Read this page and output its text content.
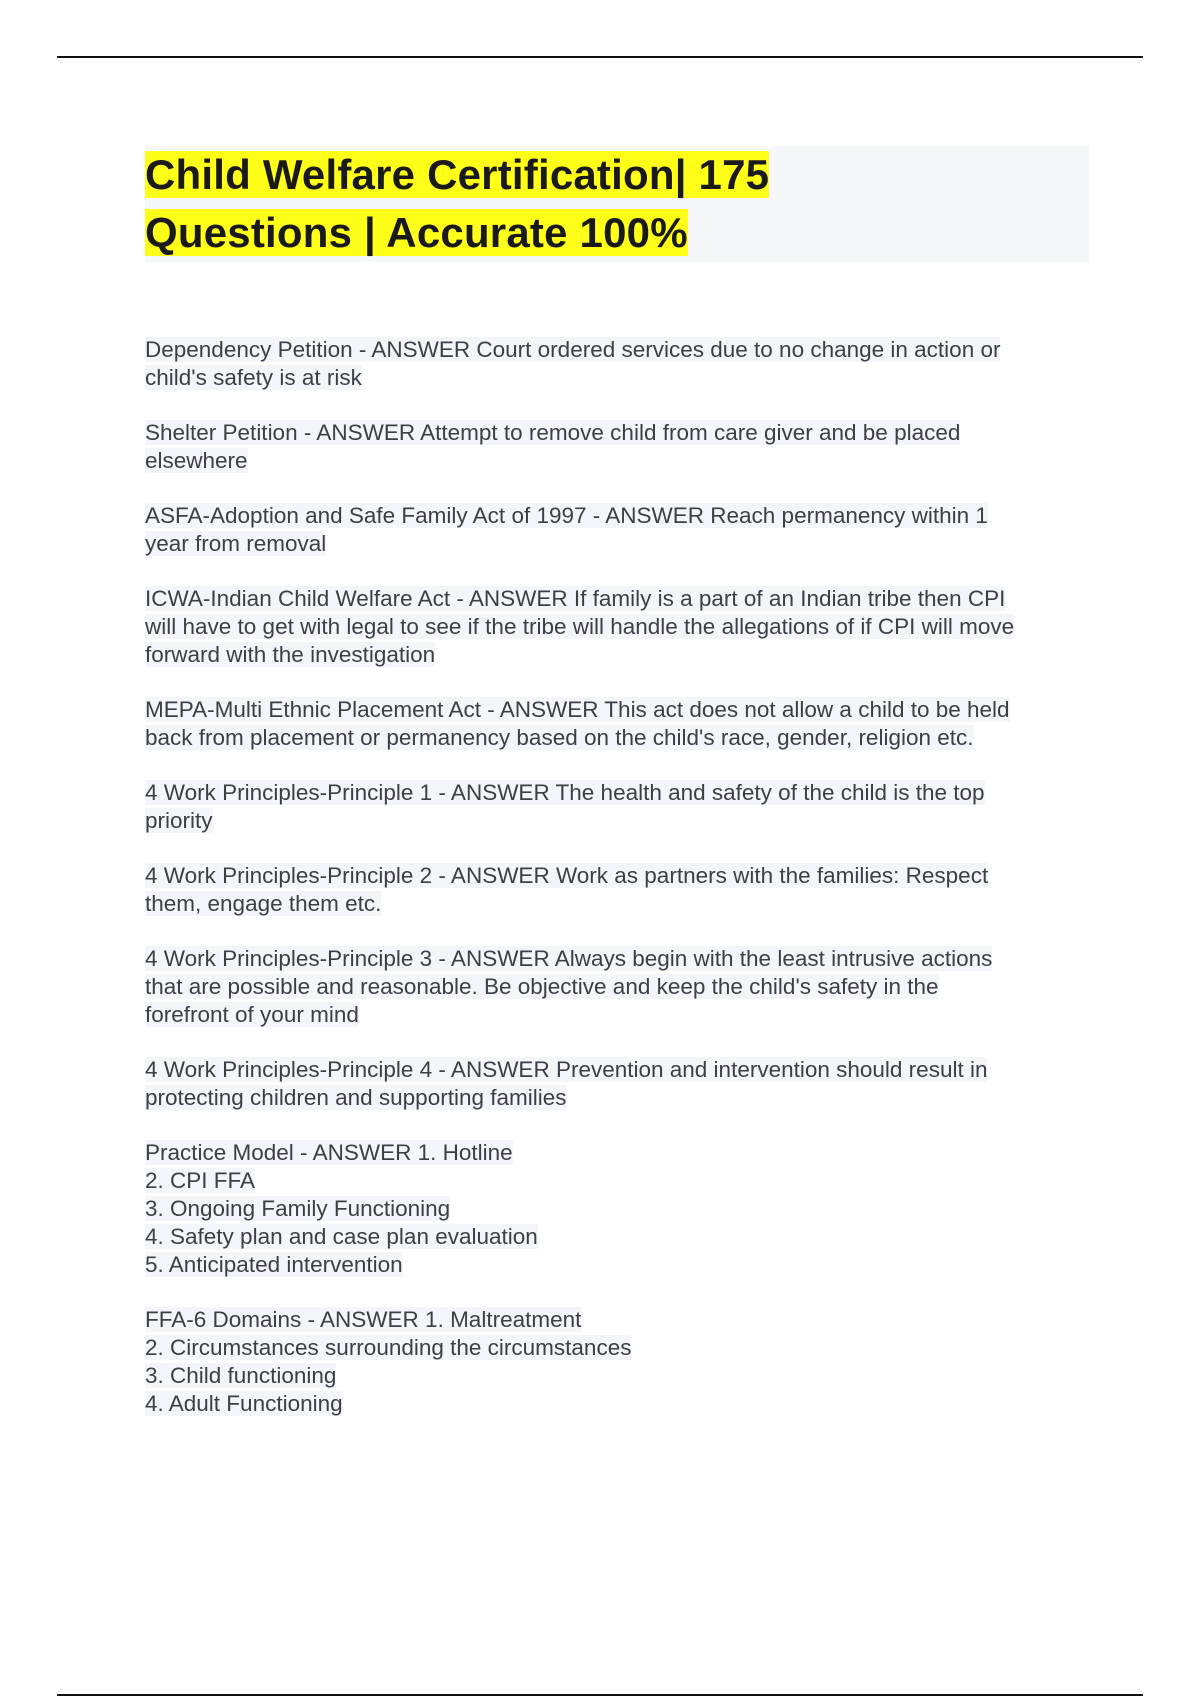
Child Welfare Certification| 175
Questions | Accurate 100%

Dependency Petition - ANSWER Court ordered services due to no change in action or
child's safety is at risk

Shelter Petition - ANSWER Attempt to remove child from care giver and be placed
elsewhere

ASFA-Adoption and Safe Family Act of 1997 - ANSWER Reach permanency within 1
year from removal

ICWA-Indian Child Welfare Act - ANSWER If family is a part of an Indian tribe then CPI
will have to get with legal to see if the tribe will handle the allegations of if CPI will move
forward with the investigation

MEPA-Multi Ethnic Placement Act - ANSWER This act does not allow a child to be held
back from placement or permanency based on the child's race, gender, religion etc.

4 Work Principles-Principle 1 - ANSWER The health and safety of the child is the top
priority

4 Work Principles-Principle 2 - ANSWER Work as partners with the families: Respect
them, engage them etc.

4 Work Principles-Principle 3 - ANSWER Always begin with the least intrusive actions
that are possible and reasonable. Be objective and keep the child's safety in the
forefront of your mind

4 Work Principles-Principle 4 - ANSWER Prevention and intervention should result in
protecting children and supporting families

Practice Model - ANSWER 1. Hotline
2. CPI FFA
3. Ongoing Family Functioning
4. Safety plan and case plan evaluation
5. Anticipated intervention

FFA-6 Domains - ANSWER 1. Maltreatment
2. Circumstances surrounding the circumstances
3. Child functioning
4. Adult Functioning
